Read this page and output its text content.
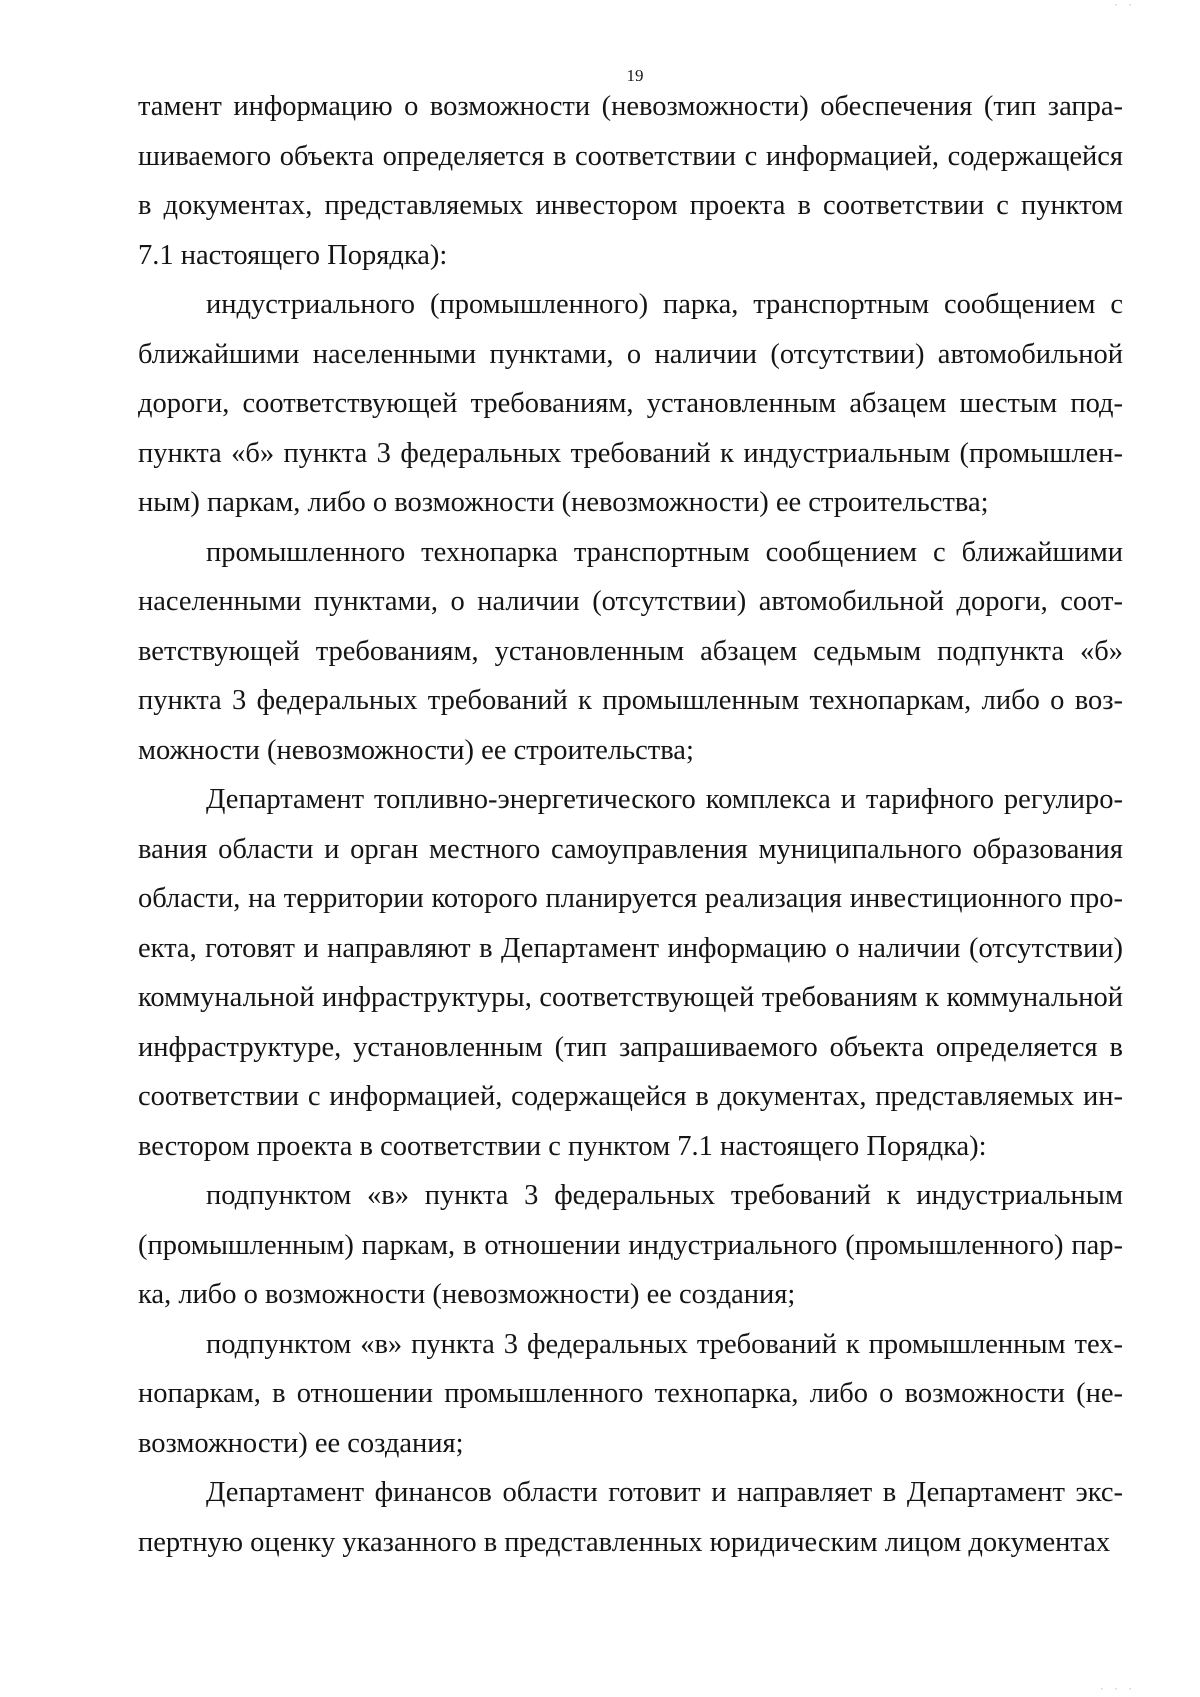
· ·
19

тамент информацию о возможности (невозможности) обеспечения (тип запрашиваемого объекта определяется в соответствии с информацией, содержащейся в документах, представляемых инвестором проекта в соответствии с пунктом 7.1 настоящего Порядка):

индустриального (промышленного) парка, транспортным сообщением с ближайшими населенными пунктами, о наличии (отсутствии) автомобильной дороги, соответствующей требованиям, установленным абзацем шестым подпункта «б» пункта 3 федеральных требований к индустриальным (промышленным) паркам, либо о возможности (невозможности) ее строительства;

промышленного технопарка транспортным сообщением с ближайшими населенными пунктами, о наличии (отсутствии) автомобильной дороги, соответствующей требованиям, установленным абзацем седьмым подпункта «б» пункта 3 федеральных требований к промышленным технопаркам, либо о возможности (невозможности) ее строительства;

Департамент топливно-энергетического комплекса и тарифного регулирования области и орган местного самоуправления муниципального образования области, на территории которого планируется реализация инвестиционного проекта, готовят и направляют в Департамент информацию о наличии (отсутствии) коммунальной инфраструктуры, соответствующей требованиям к коммунальной инфраструктуре, установленным (тип запрашиваемого объекта определяется в соответствии с информацией, содержащейся в документах, представляемых инвестором проекта в соответствии с пунктом 7.1 настоящего Порядка):

подпунктом «в» пункта 3 федеральных требований к индустриальным (промышленным) паркам, в отношении индустриального (промышленного) парка, либо о возможности (невозможности) ее создания;

подпунктом «в» пункта 3 федеральных требований к промышленным технопаркам, в отношении промышленного технопарка, либо о возможности (невозможности) ее создания;

Департамент финансов области готовит и направляет в Департамент экспертную оценку указанного в представленных юридическим лицом документах

· · ·
